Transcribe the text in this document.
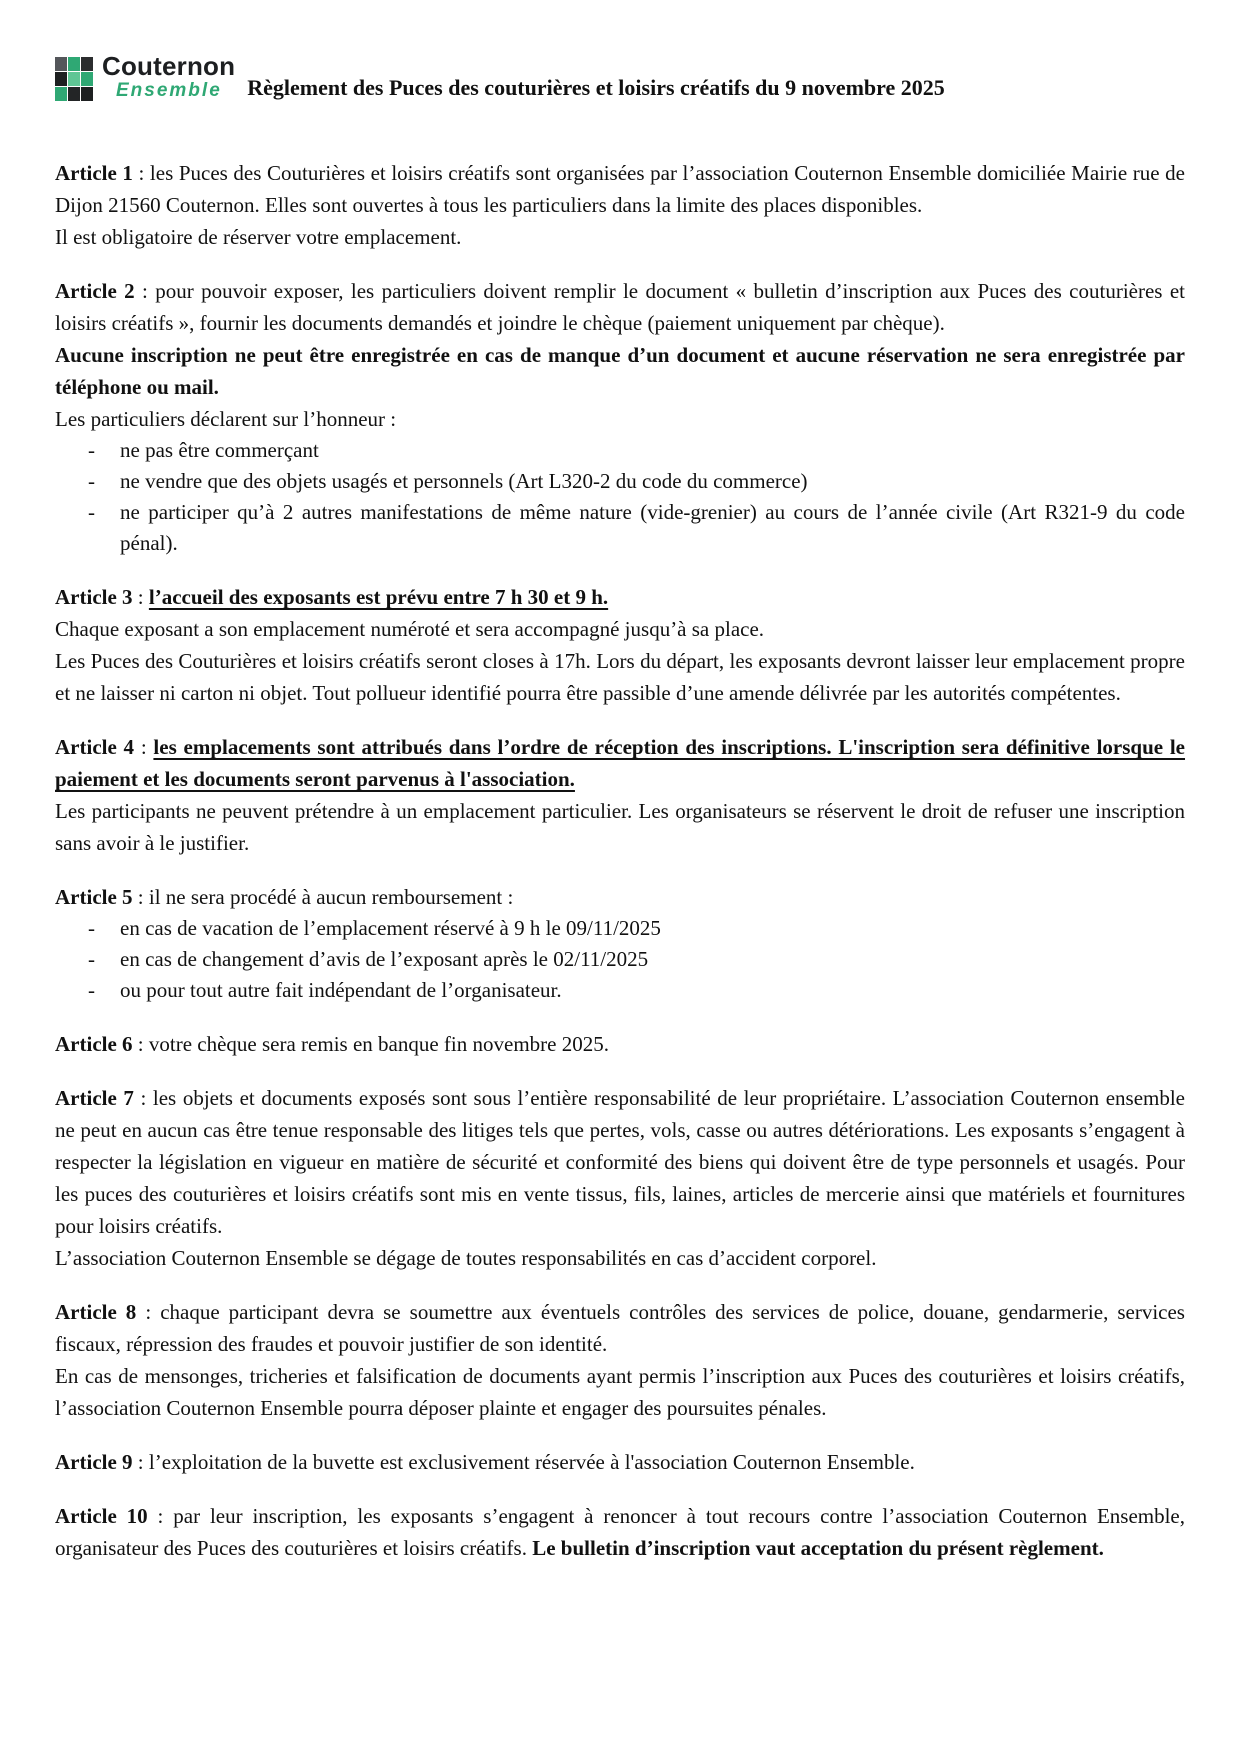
Couternon
Ensemble	Règlement des Puces des couturières et loisirs créatifs du 9 novembre 2025

Article 1 : les Puces des Couturières et loisirs créatifs sont organisées par l’association Couternon Ensemble domiciliée Mairie rue de Dijon 21560 Couternon. Elles sont ouvertes à tous les particuliers dans la limite des places disponibles.

Il est obligatoire de réserver votre emplacement.

Article 2 : pour pouvoir exposer, les particuliers doivent remplir le document « bulletin d’inscription aux Puces des couturières et loisirs créatifs », fournir les documents demandés et joindre le chèque (paiement uniquement par chèque).

Aucune inscription ne peut être enregistrée en cas de manque d’un document et aucune réservation ne sera enregistrée par téléphone ou mail.

Les particuliers déclarent sur l’honneur :

-	ne pas être commerçant
-	ne vendre que des objets usagés et personnels (Art L320-2 du code du commerce)
-	ne participer qu’à 2 autres manifestations de même nature (vide-grenier) au cours de l’année civile (Art R321-9 du code pénal).

Article 3 : l’accueil des exposants est prévu entre 7 h 30 et 9 h.

Chaque exposant a son emplacement numéroté et sera accompagné jusqu’à sa place.

Les Puces des Couturières et loisirs créatifs seront closes à 17h. Lors du départ, les exposants devront laisser leur emplacement propre et ne laisser ni carton ni objet. Tout pollueur identifié pourra être passible d’une amende délivrée par les autorités compétentes.

Article 4 : les emplacements sont attribués dans l’ordre de réception des inscriptions. L'inscription sera définitive lorsque le paiement et les documents seront parvenus à l'association.

Les participants ne peuvent prétendre à un emplacement particulier. Les organisateurs se réservent le droit de refuser une inscription sans avoir à le justifier.

Article 5 : il ne sera procédé à aucun remboursement :

-	en cas de vacation de l’emplacement réservé à 9 h le 09/11/2025
-	en cas de changement d’avis de l’exposant après le 02/11/2025
-	ou pour tout autre fait indépendant de l’organisateur.

Article 6 : votre chèque sera remis en banque fin novembre 2025.

Article 7 : les objets et documents exposés sont sous l’entière responsabilité de leur propriétaire. L’association Couternon ensemble ne peut en aucun cas être tenue responsable des litiges tels que pertes, vols, casse ou autres détériorations. Les exposants s’engagent à respecter la législation en vigueur en matière de sécurité et conformité des biens qui doivent être de type personnels et usagés. Pour les puces des couturières et loisirs créatifs sont mis en vente tissus, fils, laines, articles de mercerie ainsi que matériels et fournitures pour loisirs créatifs.

L’association Couternon Ensemble se dégage de toutes responsabilités en cas d’accident corporel.

Article 8 : chaque participant devra se soumettre aux éventuels contrôles des services de police, douane, gendarmerie, services fiscaux, répression des fraudes et pouvoir justifier de son identité.

En cas de mensonges, tricheries et falsification de documents ayant permis l’inscription aux Puces des couturières et loisirs créatifs, l’association Couternon Ensemble pourra déposer plainte et engager des poursuites pénales.

Article 9 : l’exploitation de la buvette est exclusivement réservée à l'association Couternon Ensemble.

Article 10 : par leur inscription, les exposants s’engagent à renoncer à tout recours contre l’association Couternon Ensemble, organisateur des Puces des couturières et loisirs créatifs. Le bulletin d’inscription vaut acceptation du présent règlement.
